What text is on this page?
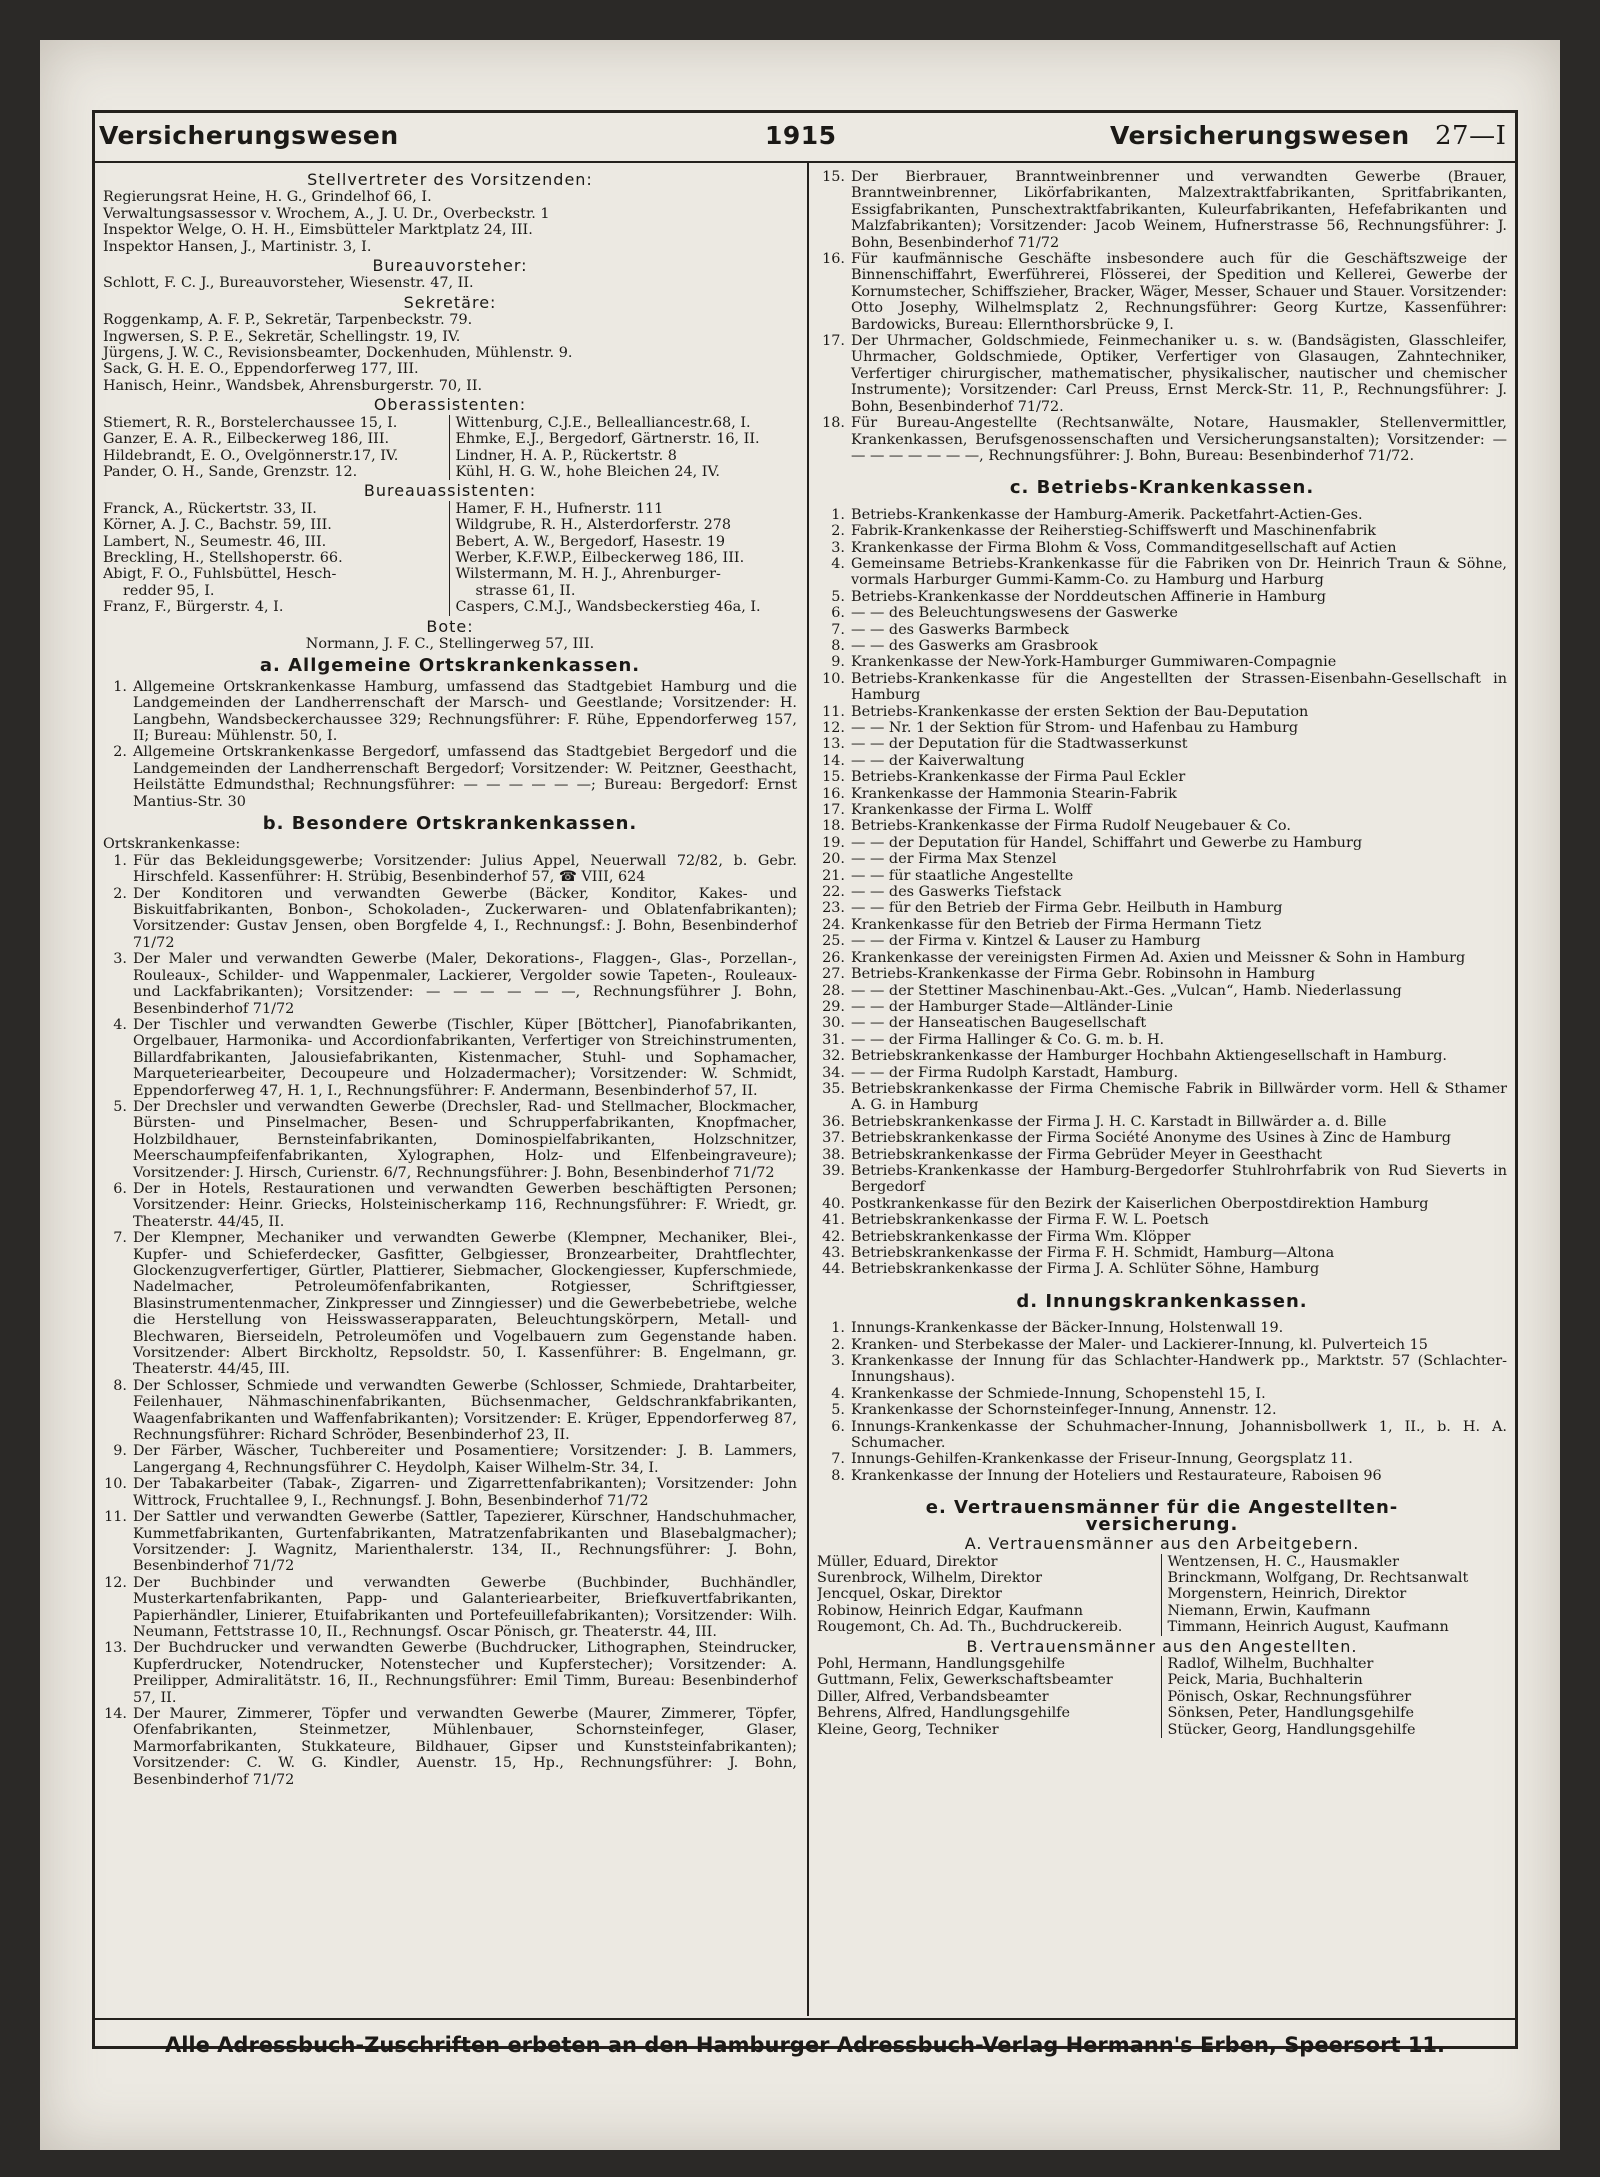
Versicherungswesen	1915	Versicherungswesen 27—I
Stellvertreter des Vorsitzenden:
Regierungsrat Heine, H. G., Grindelhof 66, I.
Verwaltungsassessor v. Wrochem, A., J. U. Dr., Overbeckstr. 1
Inspektor Welge, O. H. H., Eimsbütteler Marktplatz 24, III.
Inspektor Hansen, J., Martinistr. 3, I.
Bureauvorsteher:
Schlott, F. C. J., Bureauvorsteher, Wiesenstr. 47, II.
Sekretäre:
Roggenkamp, A. F. P., Sekretär, Tarpenbeckstr. 79.
Ingwersen, S. P. E., Sekretär, Schellingstr. 19, IV.
Jürgens, J. W. C., Revisionsbeamter, Dockenhuden, Mühlenstr. 9.
Sack, G. H. E. O., Eppendorferweg 177, III.
Hanisch, Heinr., Wandsbek, Ahrensburgerstr. 70, II.
Oberassistenten:
Stiemert, R. R., Borstelerchaussee 15, I.	Wittenburg, C.J.E., Bellealliancestr.68, I.
Ganzer, E. A. R., Eilbeckerweg 186, III.	Ehmke, E.J., Bergedorf, Gärtnerstr. 16, II.
Hildebrandt, E. O., Ovelgönnerstr.17, IV.	Lindner, H. A. P., Rückertstr. 8
Pander, O. H., Sande, Grenzstr. 12.	Kühl, H. G. W., hohe Bleichen 24, IV.
Bureauassistenten:
Franck, A., Rückertstr. 33, II.	Hamer, F. H., Hufnerstr. 111
Körner, A. J. C., Bachstr. 59, III.	Wildgrube, R. H., Alsterdorferstr. 278
Lambert, N., Seumestr. 46, III.	Bebert, A. W., Bergedorf, Hasestr. 19
Breckling, H., Stellshoperstr. 66.	Werber, K.F.W.P., Eilbeckerweg 186, III.
Abigt, F. O., Fuhlsbüttel, Hesch-	Wilstermann, M. H. J., Ahrenburger-
redder 95, I.	strasse 61, II.
Franz, F., Bürgerstr. 4, I.	Caspers, C.M.J., Wandsbeckerstieg 46a, I.
Bote:
Normann, J. F. C., Stellingerweg 57, III.
a. Allgemeine Ortskrankenkassen.
1. Allgemeine Ortskrankenkasse Hamburg, umfassend das Stadtgebiet Hamburg und die Landgemeinden der Landherrenschaft der Marsch- und Geestlande; Vorsitzender: H. Langbehn, Wandsbeckerchaussee 329; Rechnungsführer: F. Rühe, Eppendorferweg 157, II; Bureau: Mühlenstr. 50, I.
2. Allgemeine Ortskrankenkasse Bergedorf, umfassend das Stadtgebiet Bergedorf und die Landgemeinden der Landherrenschaft Bergedorf; Vorsitzender: W. Peitzner, Geesthacht, Heilstätte Edmundsthal; Rechnungsführer: — — — — — —; Bureau: Bergedorf: Ernst Mantius-Str. 30
b. Besondere Ortskrankenkassen.
Ortskrankenkasse:
1. Für das Bekleidungsgewerbe; Vorsitzender: Julius Appel, Neuerwall 72/82, b. Gebr. Hirschfeld. Kassenführer: H. Strübig, Besenbinderhof 57, ☎ VIII, 624
2. Der Konditoren und verwandten Gewerbe (Bäcker, Konditor, Kakes- und Biskuitfabrikanten, Bonbon-, Schokoladen-, Zuckerwaren- und Oblatenfabrikanten); Vorsitzender: Gustav Jensen, oben Borgfelde 4, I., Rechnungsf.: J. Bohn, Besenbinderhof 71/72
3. Der Maler und verwandten Gewerbe (Maler, Dekorations-, Flaggen-, Glas-, Porzellan-, Rouleaux-, Schilder- und Wappenmaler, Lackierer, Vergolder sowie Tapeten-, Rouleaux- und Lackfabrikanten); Vorsitzender: — — — — — —, Rechnungsführer J. Bohn, Besenbinderhof 71/72
4. Der Tischler und verwandten Gewerbe (Tischler, Küper [Böttcher], Pianofabrikanten, Orgelbauer, Harmonika- und Accordionfabrikanten, Verfertiger von Streichinstrumenten, Billardfabrikanten, Jalousiefabrikanten, Kistenmacher, Stuhl- und Sophamacher, Marqueteriearbeiter, Decoupeure und Holzadermacher); Vorsitzender: W. Schmidt, Eppendorferweg 47, H. 1, I., Rechnungsführer: F. Andermann, Besenbinderhof 57, II.
5. Der Drechsler und verwandten Gewerbe (Drechsler, Rad- und Stellmacher, Blockmacher, Bürsten- und Pinselmacher, Besen- und Schrupperfabrikanten, Knopfmacher, Holzbildhauer, Bernsteinfabrikanten, Dominospielfabrikanten, Holzschnitzer, Meerschaumpfeifenfabrikanten, Xylographen, Holz- und Elfenbeingraveure); Vorsitzender: J. Hirsch, Curienstr. 6/7, Rechnungsführer: J. Bohn, Besenbinderhof 71/72
6. Der in Hotels, Restaurationen und verwandten Gewerben beschäftigten Personen; Vorsitzender: Heinr. Griecks, Holsteinischerkamp 116, Rechnungsführer: F. Wriedt, gr. Theaterstr. 44/45, II.
7. Der Klempner, Mechaniker und verwandten Gewerbe (Klempner, Mechaniker, Blei-, Kupfer- und Schieferdecker, Gasfitter, Gelbgiesser, Bronzearbeiter, Drahtflechter, Glockenzugverfertiger, Gürtler, Plattierer, Siebmacher, Glockengiesser, Kupferschmiede, Nadelmacher, Petroleumöfenfabrikanten, Rotgiesser, Schriftgiesser, Blasinstrumentenmacher, Zinkpresser und Zinngiesser) und die Gewerbebetriebe, welche die Herstellung von Heisswasserapparaten, Beleuchtungskörpern, Metall- und Blechwaren, Bierseideln, Petroleumöfen und Vogelbauern zum Gegenstande haben. Vorsitzender: Albert Birckholtz, Repsoldstr. 50, I. Kassenführer: B. Engelmann, gr. Theaterstr. 44/45, III.
8. Der Schlosser, Schmiede und verwandten Gewerbe (Schlosser, Schmiede, Drahtarbeiter, Feilenhauer, Nähmaschinenfabrikanten, Büchsenmacher, Geldschrankfabrikanten, Waagenfabrikanten und Waffenfabrikanten); Vorsitzender: E. Krüger, Eppendorferweg 87, Rechnungsführer: Richard Schröder, Besenbinderhof 23, II.
9. Der Färber, Wäscher, Tuchbereiter und Posamentiere; Vorsitzender: J. B. Lammers, Langergang 4, Rechnungsführer C. Heydolph, Kaiser Wilhelm-Str. 34, I.
10. Der Tabakarbeiter (Tabak-, Zigarren- und Zigarrettenfabrikanten); Vorsitzender: John Wittrock, Fruchtallee 9, I., Rechnungsf. J. Bohn, Besenbinderhof 71/72
11. Der Sattler und verwandten Gewerbe (Sattler, Tapezierer, Kürschner, Handschuhmacher, Kummetfabrikanten, Gurtenfabrikanten, Matratzenfabrikanten und Blasebalgmacher); Vorsitzender: J. Wagnitz, Marienthalerstr. 134, II., Rechnungsführer: J. Bohn, Besenbinderhof 71/72
12. Der Buchbinder und verwandten Gewerbe (Buchbinder, Buchhändler, Musterkartenfabrikanten, Papp- und Galanteriearbeiter, Briefkuvertfabrikanten, Papierhändler, Linierer, Etuifabrikanten und Portefeuillefabrikanten); Vorsitzender: Wilh. Neumann, Fettstrasse 10, II., Rechnungsf. Oscar Pönisch, gr. Theaterstr. 44, III.
13. Der Buchdrucker und verwandten Gewerbe (Buchdrucker, Lithographen, Steindrucker, Kupferdrucker, Notendrucker, Notenstecher und Kupferstecher); Vorsitzender: A. Preilipper, Admiralitätstr. 16, II., Rechnungsführer: Emil Timm, Bureau: Besenbinderhof 57, II.
14. Der Maurer, Zimmerer, Töpfer und verwandten Gewerbe (Maurer, Zimmerer, Töpfer, Ofenfabrikanten, Steinmetzer, Mühlenbauer, Schornsteinfeger, Glaser, Marmorfabrikanten, Stukkateure, Bildhauer, Gipser und Kunststeinfabrikanten); Vorsitzender: C. W. G. Kindler, Auenstr. 15, Hp., Rechnungsführer: J. Bohn, Besenbinderhof 71/72
15. Der Bierbrauer, Branntweinbrenner und verwandten Gewerbe (Brauer, Branntweinbrenner, Likörfabrikanten, Malzextraktfabrikanten, Spritfabrikanten, Essigfabrikanten, Punschextraktfabrikanten, Kuleurfabrikanten, Hefefabrikanten und Malzfabrikanten); Vorsitzender: Jacob Weinem, Hufnerstrasse 56, Rechnungsführer: J. Bohn, Besenbinderhof 71/72
16. Für kaufmännische Geschäfte insbesondere auch für die Geschäftszweige der Binnenschiffahrt, Ewerführerei, Flösserei, der Spedition und Kellerei, Gewerbe der Kornumstecher, Schiffszieher, Bracker, Wäger, Messer, Schauer und Stauer. Vorsitzender: Otto Josephy, Wilhelmsplatz 2, Rechnungsführer: Georg Kurtze, Kassenführer: Bardowicks, Bureau: Ellernthorsbrücke 9, I.
17. Der Uhrmacher, Goldschmiede, Feinmechaniker u. s. w. (Bandsägisten, Glasschleifer, Uhrmacher, Goldschmiede, Optiker, Verfertiger von Glasaugen, Zahntechniker, Verfertiger chirurgischer, mathematischer, physikalischer, nautischer und chemischer Instrumente); Vorsitzender: Carl Preuss, Ernst Merck-Str. 11, P., Rechnungsführer: J. Bohn, Besenbinderhof 71/72.
18. Für Bureau-Angestellte (Rechtsanwälte, Notare, Hausmakler, Stellenvermittler, Krankenkassen, Berufsgenossenschaften und Versicherungsanstalten); Vorsitzender: — — — — — — — —, Rechnungsführer: J. Bohn, Bureau: Besenbinderhof 71/72.
c. Betriebs-Krankenkassen.
1. Betriebs-Krankenkasse der Hamburg-Amerik. Packetfahrt-Actien-Ges.
2. Fabrik-Krankenkasse der Reiherstieg-Schiffswerft und Maschinenfabrik
3. Krankenkasse der Firma Blohm & Voss, Commanditgesellschaft auf Actien
4. Gemeinsame Betriebs-Krankenkasse für die Fabriken von Dr. Heinrich Traun & Söhne, vormals Harburger Gummi-Kamm-Co. zu Hamburg und Harburg
5. Betriebs-Krankenkasse der Norddeutschen Affinerie in Hamburg
6. — — des Beleuchtungswesens der Gaswerke
7. — — des Gaswerks Barmbeck
8. — — des Gaswerks am Grasbrook
9. Krankenkasse der New-York-Hamburger Gummiwaren-Compagnie
10. Betriebs-Krankenkasse für die Angestellten der Strassen-Eisenbahn-Gesellschaft in Hamburg
11. Betriebs-Krankenkasse der ersten Sektion der Bau-Deputation
12. — — Nr. 1 der Sektion für Strom- und Hafenbau zu Hamburg
13. — — der Deputation für die Stadtwasserkunst
14. — — der Kaiverwaltung
15. Betriebs-Krankenkasse der Firma Paul Eckler
16. Krankenkasse der Hammonia Stearin-Fabrik
17. Krankenkasse der Firma L. Wolff
18. Betriebs-Krankenkasse der Firma Rudolf Neugebauer & Co.
19. — — der Deputation für Handel, Schiffahrt und Gewerbe zu Hamburg
20. — — der Firma Max Stenzel
21. — — für staatliche Angestellte
22. — — des Gaswerks Tiefstack
23. — — für den Betrieb der Firma Gebr. Heilbuth in Hamburg
24. Krankenkasse für den Betrieb der Firma Hermann Tietz
25. — — der Firma v. Kintzel & Lauser zu Hamburg
26. Krankenkasse der vereinigsten Firmen Ad. Axien und Meissner & Sohn in Hamburg
27. Betriebs-Krankenkasse der Firma Gebr. Robinsohn in Hamburg
28. — — der Stettiner Maschinenbau-Akt.-Ges. „Vulcan“, Hamb. Niederlassung
29. — — der Hamburger Stade—Altländer-Linie
30. — — der Hanseatischen Baugesellschaft
31. — — der Firma Hallinger & Co. G. m. b. H.
32. Betriebskrankenkasse der Hamburger Hochbahn Aktiengesellschaft in Hamburg.
34. — — der Firma Rudolph Karstadt, Hamburg.
35. Betriebskrankenkasse der Firma Chemische Fabrik in Billwärder vorm. Hell & Sthamer A. G. in Hamburg
36. Betriebskrankenkasse der Firma J. H. C. Karstadt in Billwärder a. d. Bille
37. Betriebskrankenkasse der Firma Société Anonyme des Usines à Zinc de Hamburg
38. Betriebskrankenkasse der Firma Gebrüder Meyer in Geesthacht
39. Betriebs-Krankenkasse der Hamburg-Bergedorfer Stuhlrohrfabrik von Rud Sieverts in Bergedorf
40. Postkrankenkasse für den Bezirk der Kaiserlichen Oberpostdirektion Hamburg
41. Betriebskrankenkasse der Firma F. W. L. Poetsch
42. Betriebskrankenkasse der Firma Wm. Klöpper
43. Betriebskrankenkasse der Firma F. H. Schmidt, Hamburg—Altona
44. Betriebskrankenkasse der Firma J. A. Schlüter Söhne, Hamburg
d. Innungskrankenkassen.
1. Innungs-Krankenkasse der Bäcker-Innung, Holstenwall 19.
2. Kranken- und Sterbekasse der Maler- und Lackierer-Innung, kl. Pulverteich 15
3. Krankenkasse der Innung für das Schlachter-Handwerk pp., Marktstr. 57 (Schlachter-Innungshaus).
4. Krankenkasse der Schmiede-Innung, Schopenstehl 15, I.
5. Krankenkasse der Schornsteinfeger-Innung, Annenstr. 12.
6. Innungs-Krankenkasse der Schuhmacher-Innung, Johannisbollwerk 1, II., b. H. A. Schumacher.
7. Innungs-Gehilfen-Krankenkasse der Friseur-Innung, Georgsplatz 11.
8. Krankenkasse der Innung der Hoteliers und Restaurateure, Raboisen 96
e. Vertrauensmänner für die Angestellten-
versicherung.
A. Vertrauensmänner aus den Arbeitgebern.
Müller, Eduard, Direktor	Wentzensen, H. C., Hausmakler
Surenbrock, Wilhelm, Direktor	Brinckmann, Wolfgang, Dr. Rechtsanwalt
Jencquel, Oskar, Direktor	Morgenstern, Heinrich, Direktor
Robinow, Heinrich Edgar, Kaufmann	Niemann, Erwin, Kaufmann
Rougemont, Ch. Ad. Th., Buchdruckereib.	Timmann, Heinrich August, Kaufmann
B. Vertrauensmänner aus den Angestellten.
Pohl, Hermann, Handlungsgehilfe	Radlof, Wilhelm, Buchhalter
Guttmann, Felix, Gewerkschaftsbeamter	Peick, Maria, Buchhalterin
Diller, Alfred, Verbandsbeamter	Pönisch, Oskar, Rechnungsführer
Behrens, Alfred, Handlungsgehilfe	Sönksen, Peter, Handlungsgehilfe
Kleine, Georg, Techniker	Stücker, Georg, Handlungsgehilfe
Alle Adressbuch-Zuschriften erbeten an den Hamburger Adressbuch-Verlag Hermann's Erben, Speersort 11.
